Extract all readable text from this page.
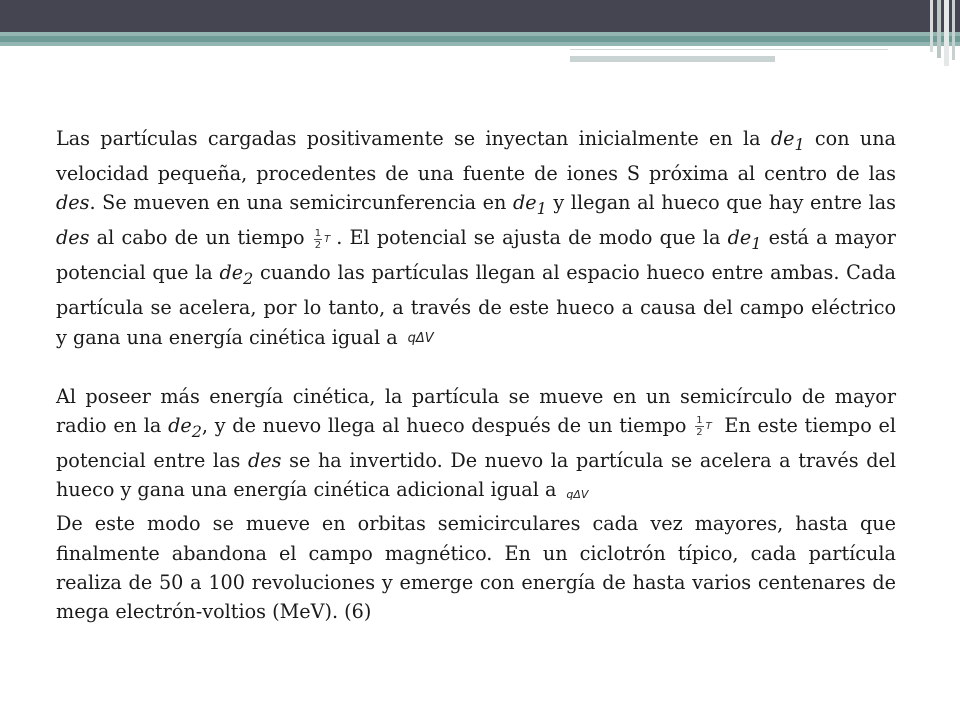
Las partículas cargadas positivamente se inyectan inicialmente en la $de_1$ con una velocidad pequeña, procedentes de una fuente de iones S próxima al centro de las des. Se mueven en una semicircunferencia en $de_1$ y llegan al hueco que hay entre las des al cabo de un tiempo $\frac{1}{2}$ T . El potencial se ajusta de modo que la $de_1$ está a mayor potencial que la $de_2$ cuando las partículas llegan al espacio hueco entre ambas. Cada partícula se acelera, por lo tanto, a través de este hueco a causa del campo eléctrico y gana una energía cinética igual a qΔV

Al poseer más energía cinética, la partícula se mueve en un semicírculo de mayor radio en la $de_2$, y de nuevo llega al hueco después de un tiempo $\frac{1}{2}$ T En este tiempo el potencial entre las des se ha invertido. De nuevo la partícula se acelera a través del hueco y gana una energía cinética adicional igual a qΔV

De este modo se mueve en orbitas semicirculares cada vez mayores, hasta que finalmente abandona el campo magnético. En un ciclotrón típico, cada partícula realiza de 50 a 100 revoluciones y emerge con energía de hasta varios centenares de mega electrón-voltios (MeV). (6)
